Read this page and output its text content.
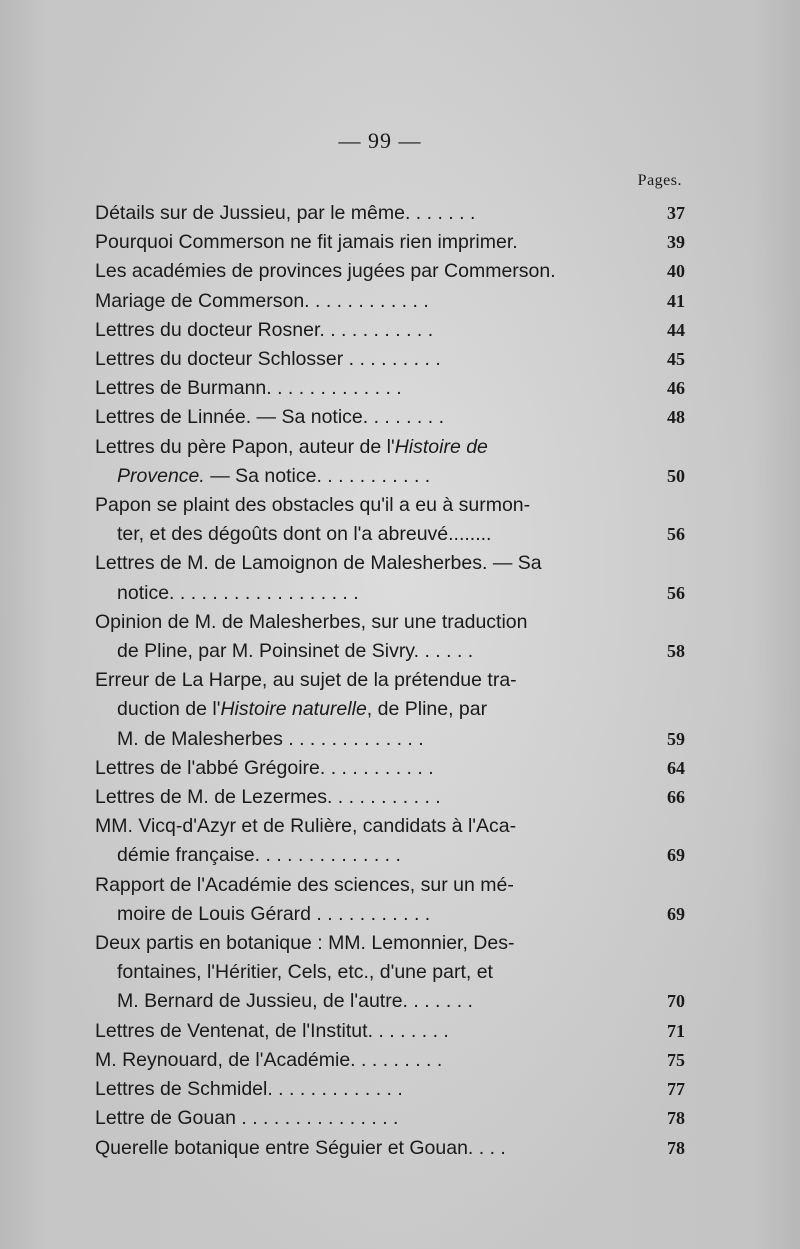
— 99 —
Pages.
Détails sur de Jussieu, par le même. . . . . . .	37
Pourquoi Commerson ne fit jamais rien imprimer.	39
Les académies de provinces jugées par Commerson.	40
Mariage de Commerson. . . . . . . . . . . .	41
Lettres du docteur Rosner. . . . . . . . . . .	44
Lettres du docteur Schlosser . . . . . . . . .	45
Lettres de Burmann. . . . . . . . . . . . .	46
Lettres de Linnée. — Sa notice. . . . . . . .	48
Lettres du père Papon, auteur de l'Histoire de
Provence. — Sa notice. . . . . . . . . . .	50
Papon se plaint des obstacles qu'il a eu à surmon-
ter, et des dégoûts dont on l'a abreuvé........	56
Lettres de M. de Lamoignon de Malesherbes. — Sa
notice. . . . . . . . . . . . . . . . . .	56
Opinion de M. de Malesherbes, sur une traduction
de Pline, par M. Poinsinet de Sivry. . . . . .	58
Erreur de La Harpe, au sujet de la prétendue tra-
duction de l'Histoire naturelle, de Pline, par
M. de Malesherbes . . . . . . . . . . . . .	59
Lettres de l'abbé Grégoire. . . . . . . . . . .	64
Lettres de M. de Lezermes. . . . . . . . . . .	66
MM. Vicq-d'Azyr et de Rulière, candidats à l'Aca-
démie française. . . . . . . . . . . . . .	69
Rapport de l'Académie des sciences, sur un mé-
moire de Louis Gérard . . . . . . . . . . .	69
Deux partis en botanique : MM. Lemonnier, Des-
fontaines, l'Héritier, Cels, etc., d'une part, et
M. Bernard de Jussieu, de l'autre. . . . . . .	70
Lettres de Ventenat, de l'Institut. . . . . . . .	71
M. Reynouard, de l'Académie. . . . . . . . .	75
Lettres de Schmidel. . . . . . . . . . . . .	77
Lettre de Gouan . . . . . . . . . . . . . . .	78
Querelle botanique entre Séguier et Gouan. . . .	78
